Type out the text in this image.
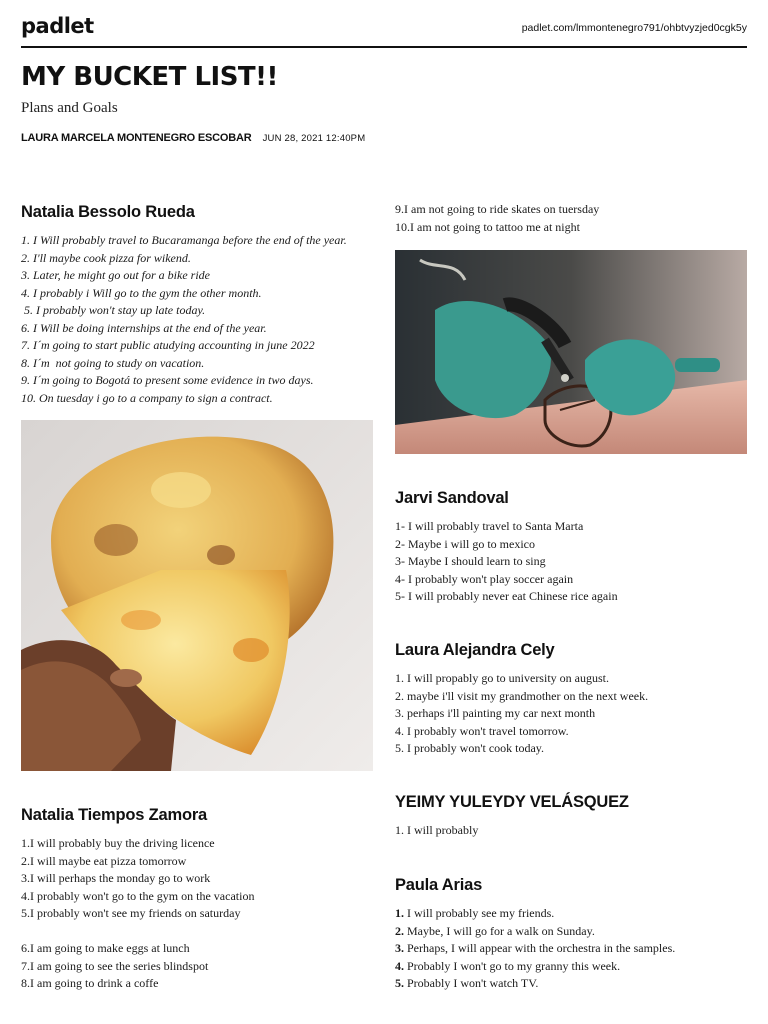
padlet	padlet.com/lmmontenegro791/ohbtvyzjed0cgk5y
MY BUCKET LIST!!
Plans and Goals
LAURA MARCELA MONTENEGRO ESCOBAR JUN 28, 2021 12:40PM
Natalia Bessolo Rueda

1. I Will probably travel to Bucaramanga before the end of the year.

2. I'll maybe cook pizza for wikend.

3. Later, he might go out for a bike ride

4. I probably i Will go to the gym the other month.

5. I probably won't stay up late today.

6. I Will be doing internships at the end of the year.

7. I´m going to start public atudying accounting in june 2022

8. I´m  not going to study on vacation.

9. I´m going to Bogotá to present some evidence in two days.

10. On tuesday i go to a company to sign a contract.

Natalia Tiempos Zamora

1.I will probably buy the driving licence

2.I will maybe eat pizza tomorrow

3.I will perhaps the monday go to work

4.I probably won't go to the gym on the vacation

5.I probably won't see my friends on saturday

6.I am going to make eggs at lunch

7.I am going to see the series blindspot

8.I am going to drink a coffe

9.I am not going to ride skates on tuersday

10.I am not going to tattoo me at night

Jarvi Sandoval

1- I will probably travel to Santa Marta

2- Maybe i will go to mexico

3- Maybe I should learn to sing

4- I probably won't play soccer again

5- I will probably never eat Chinese rice again

Laura Alejandra Cely

1. I will propably go to university on august.

2. maybe i'll visit my grandmother on the next week.

3. perhaps i'll painting my car next month

4. I probably won't travel tomorrow.

5. I probably won't cook today.

YEIMY YULEYDY VELÁSQUEZ

1. I will probably

Paula Arias

1. I will probably see my friends.

2. Maybe, I will go for a walk on Sunday.

3. Perhaps, I will appear with the orchestra in the samples.

4. Probably I won't go to my granny this week.

5. Probably I won't watch TV.
